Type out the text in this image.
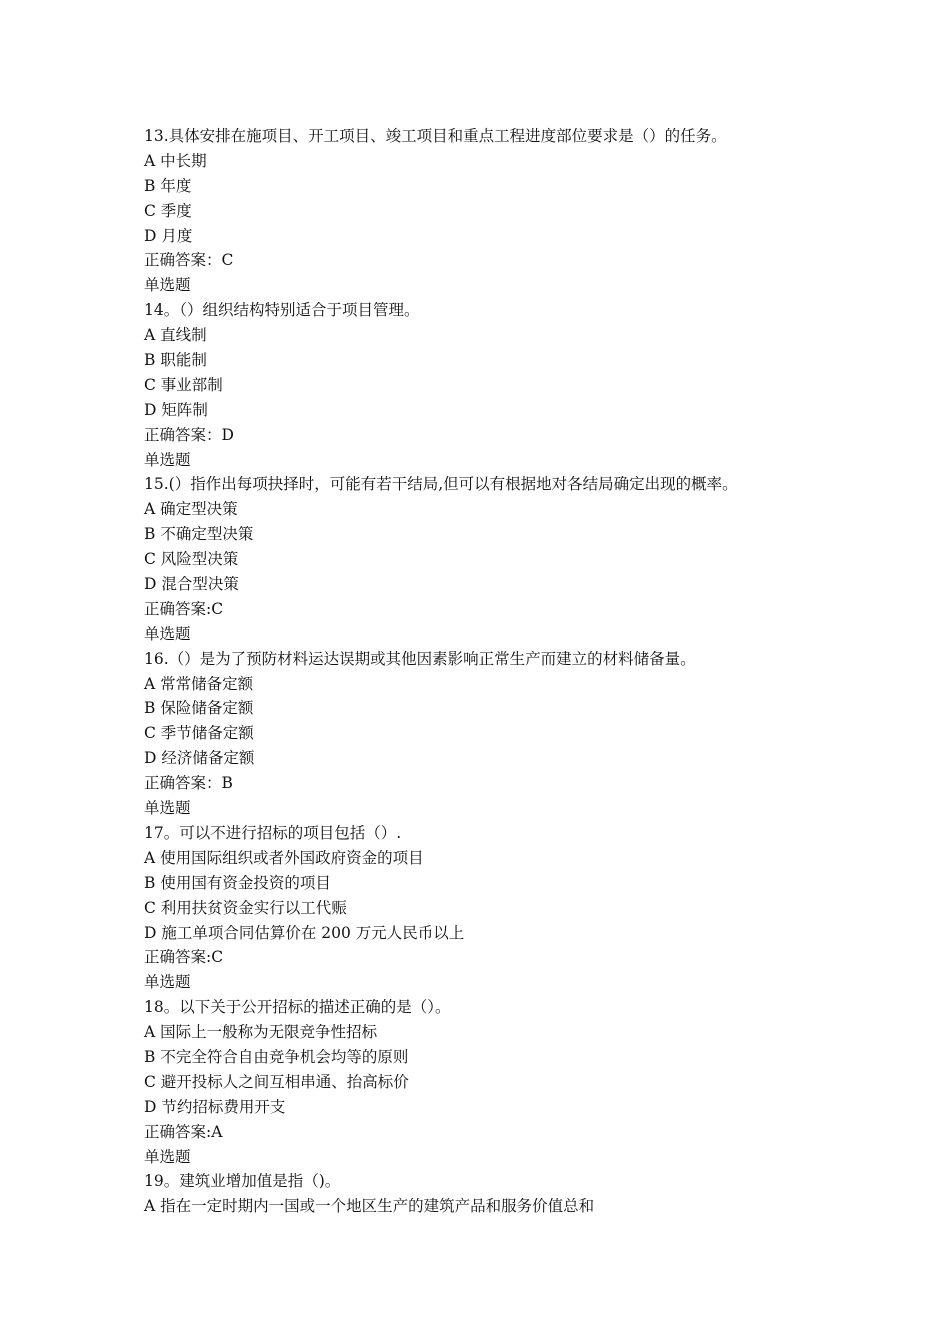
13.具体安排在施项目、开工项目、竣工项目和重点工程进度部位要求是（）的任务。

A 中长期

B 年度

C 季度

D 月度

正确答案：C

单选题

14。（）组织结构特别适合于项目管理。

A 直线制

B 职能制

C 事业部制

D 矩阵制

正确答案：D

单选题

15.(）指作出每项抉择时，可能有若干结局,但可以有根据地对各结局确定出现的概率。

A 确定型决策

B 不确定型决策

C 风险型决策

D 混合型决策

正确答案:C

单选题

16.（）是为了预防材料运达误期或其他因素影响正常生产而建立的材料储备量。

A 常常储备定额

B 保险储备定额

C 季节储备定额

D 经济储备定额

正确答案：B

单选题

17。可以不进行招标的项目包括（）.

A 使用国际组织或者外国政府资金的项目

B 使用国有资金投资的项目

C 利用扶贫资金实行以工代赈

D 施工单项合同估算价在 200 万元人民币以上

正确答案:C

单选题

18。以下关于公开招标的描述正确的是（）。

A 国际上一般称为无限竞争性招标

B 不完全符合自由竞争机会均等的原则

C 避开投标人之间互相串通、抬高标价

D 节约招标费用开支

正确答案:A

单选题

19。建筑业增加值是指（)。

A 指在一定时期内一国或一个地区生产的建筑产品和服务价值总和
